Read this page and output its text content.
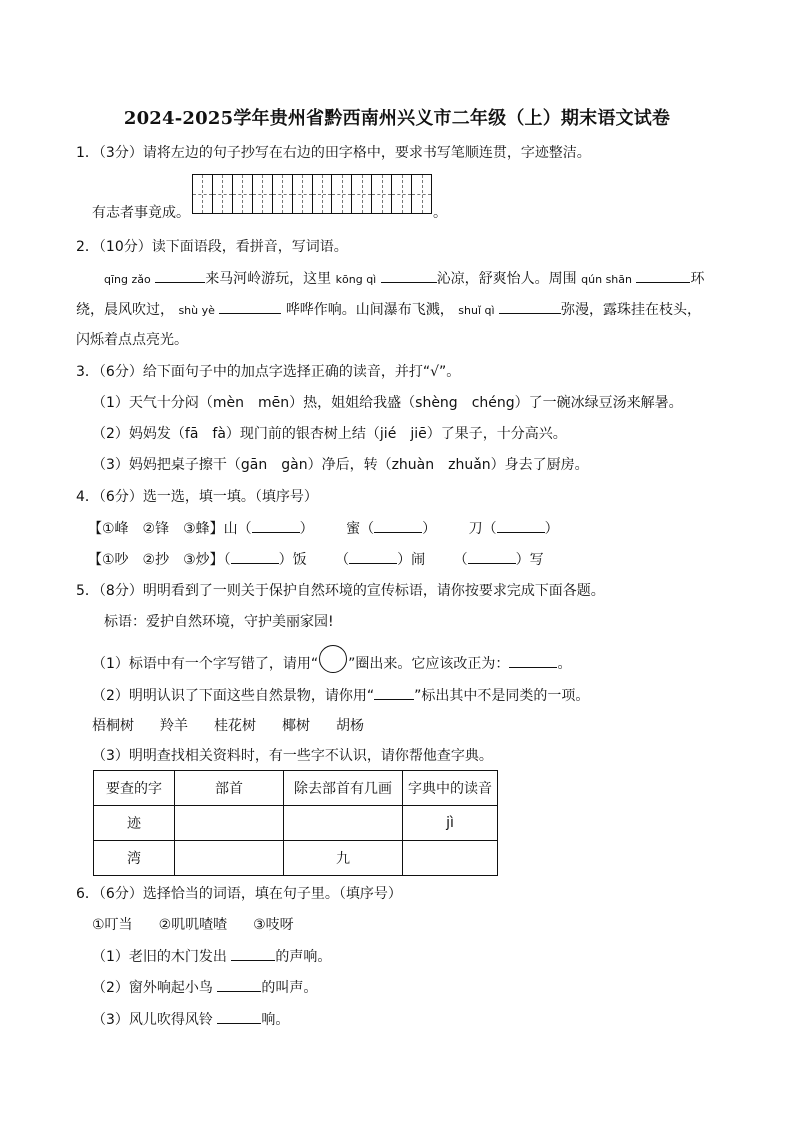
2024-2025学年贵州省黔西南州兴义市二年级（上）期末语文试卷
1．（3分）请将左边的句子抄写在右边的田字格中，要求书写笔顺连贯，字迹整洁。
有志者事竟成。	。
2．（10分）读下面语段，看拼音，写词语。
qīng zǎo	来马河岭游玩，这里 kōng qì	沁凉，舒爽怡人。周围 qún shān	环
绕，晨风吹过， shù yè	哗哗作响。山间瀑布飞溅， shuǐ qì	弥漫，露珠挂在枝头，
闪烁着点点亮光。
3．（6分）给下面句子中的加点字选择正确的读音，并打“√”。
（1）天气十分闷（mèn　mēn）热，姐姐给我盛（shèng　chéng）了一碗冰绿豆汤来解暑。
（2）妈妈发（fā　fà）现门前的银杏树上结（jié　jiē）了果子，十分高兴。
（3）妈妈把桌子擦干（gān　gàn）净后，转（zhuàn　zhuǎn）身去了厨房。
4．（6分）选一选，填一填。（填序号）
【①峰　②锋　③蜂】山（	） 蜜（	） 刀（	）
【①吵　②抄　③炒】（	）饭 （	）闹 （	）写
5．（8分）明明看到了一则关于保护自然环境的宣传标语，请你按要求完成下面各题。
标语：爱护自然环境，守护美丽家园!
（1）标语中有一个字写错了，请用“ ”圈出来。它应该改正为：	。
（2）明明认识了下面这些自然景物，请你用“	”标出其中不是同类的一项。
梧桐树 羚羊 桂花树 椰树 胡杨
（3）明明查找相关资料时，有一些字不认识，请你帮他查字典。
要查的字	部首	除去部首有几画	字典中的读音
迹			jì
湾		九	
6．（6分）选择恰当的词语，填在句子里。（填序号）
①叮当 ②叽叽喳喳 ③吱呀
（1）老旧的木门发出	的声响。
（2）窗外响起小鸟	的叫声。
（3）风儿吹得风铃	响。
